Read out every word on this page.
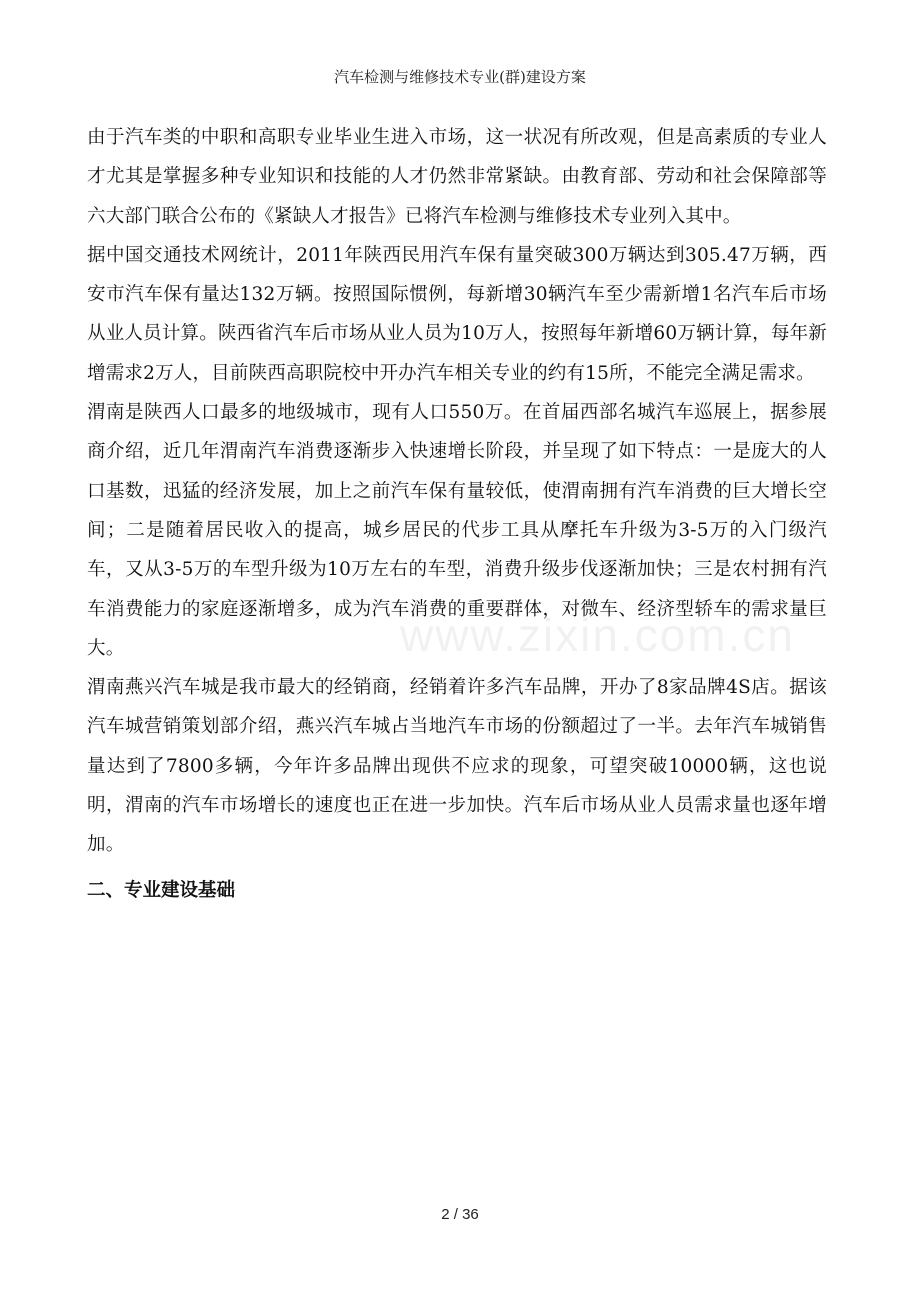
汽车检测与维修技术专业(群)建设方案
www.zixin.com.cn

由于汽车类的中职和高职专业毕业生进入市场，这一状况有所改观，但是高素质的专业人才尤其是掌握多种专业知识和技能的人才仍然非常紧缺。由教育部、劳动和社会保障部等六大部门联合公布的《紧缺人才报告》已将汽车检测与维修技术专业列入其中。

据中国交通技术网统计，2011年陕西民用汽车保有量突破300万辆达到305.47万辆，西安市汽车保有量达132万辆。按照国际惯例，每新增30辆汽车至少需新增1名汽车后市场从业人员计算。陕西省汽车后市场从业人员为10万人，按照每年新增60万辆计算，每年新增需求2万人，目前陕西高职院校中开办汽车相关专业的约有15所，不能完全满足需求。

渭南是陕西人口最多的地级城市，现有人口550万。在首届西部名城汽车巡展上，据参展商介绍，近几年渭南汽车消费逐渐步入快速增长阶段，并呈现了如下特点：一是庞大的人口基数，迅猛的经济发展，加上之前汽车保有量较低，使渭南拥有汽车消费的巨大增长空间；二是随着居民收入的提高，城乡居民的代步工具从摩托车升级为3-5万的入门级汽车，又从3-5万的车型升级为10万左右的车型，消费升级步伐逐渐加快；三是农村拥有汽车消费能力的家庭逐渐增多，成为汽车消费的重要群体，对微车、经济型轿车的需求量巨大。

渭南燕兴汽车城是我市最大的经销商，经销着许多汽车品牌，开办了8家品牌4S店。据该汽车城营销策划部介绍，燕兴汽车城占当地汽车市场的份额超过了一半。去年汽车城销售量达到了7800多辆，今年许多品牌出现供不应求的现象，可望突破10000辆，这也说明，渭南的汽车市场增长的速度也正在进一步加快。汽车后市场从业人员需求量也逐年增加。

二、专业建设基础
2 / 36
